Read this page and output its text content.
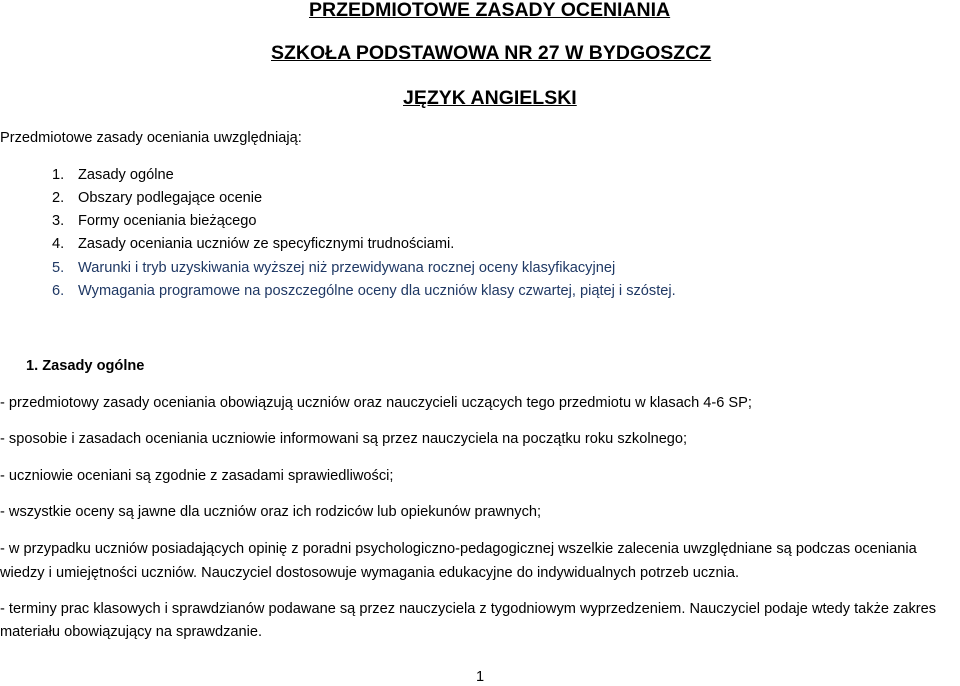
PRZEDMIOTOWE ZASADY OCENIANIA
SZKOŁA PODSTAWOWA NR 27 W BYDGOSZCZ
JĘZYK ANGIELSKI
Przedmiotowe zasady oceniania uwzględniają:
1. Zasady ogólne
2. Obszary podlegające ocenie
3. Formy oceniania bieżącego
4. Zasady oceniania uczniów ze specyficznymi trudnościami.
5. Warunki i tryb uzyskiwania wyższej niż przewidywana rocznej oceny klasyfikacyjnej
6. Wymagania programowe na poszczególne oceny dla uczniów klasy czwartej, piątej i szóstej.
1. Zasady ogólne
- przedmiotowy zasady oceniania obowiązują uczniów oraz nauczycieli uczących tego przedmiotu w klasach 4-6 SP;
- sposobie i zasadach oceniania uczniowie informowani są przez nauczyciela na początku roku szkolnego;
- uczniowie oceniani są zgodnie z zasadami sprawiedliwości;
- wszystkie oceny są jawne dla uczniów oraz ich rodziców lub opiekunów prawnych;
- w przypadku uczniów posiadających opinię z poradni psychologiczno-pedagogicznej wszelkie zalecenia uwzględniane są podczas oceniania
wiedzy i umiejętności uczniów. Nauczyciel dostosowuje wymagania edukacyjne do indywidualnych potrzeb ucznia.
- terminy prac klasowych i sprawdzianów podawane są przez nauczyciela z tygodniowym wyprzedzeniem. Nauczyciel podaje wtedy także zakres
materiału obowiązujący na sprawdzanie.
1
